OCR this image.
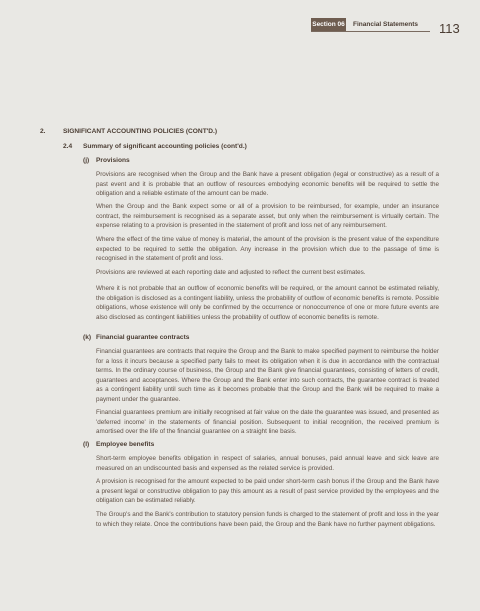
Section 06 Financial Statements 113
2.	SIGNIFICANT ACCOUNTING POLICIES (CONT'D.)
2.4 Summary of significant accounting policies (cont'd.)
(j) Provisions

Provisions are recognised when the Group and the Bank have a present obligation (legal or constructive) as a result of a past event and it is probable that an outflow of resources embodying economic benefits will be required to settle the obligation and a reliable estimate of the amount can be made.

When the Group and the Bank expect some or all of a provision to be reimbursed, for example, under an insurance contract, the reimbursement is recognised as a separate asset, but only when the reimbursement is virtually certain. The expense relating to a provision is presented in the statement of profit and loss net of any reimbursement.

Where the effect of the time value of money is material, the amount of the provision is the present value of the expenditure expected to be required to settle the obligation. Any increase in the provision which due to the passage of time is recognised in the statement of profit and loss.

Provisions are reviewed at each reporting date and adjusted to reflect the current best estimates.

Where it is not probable that an outflow of economic benefits will be required, or the amount cannot be estimated reliably, the obligation is disclosed as a contingent liability, unless the probability of outflow of economic benefits is remote. Possible obligations, whose existence will only be confirmed by the occurrence or nonoccurrence of one or more future events are also disclosed as contingent liabilities unless the probability of outflow of economic benefits is remote.

(k) Financial guarantee contracts

Financial guarantees are contracts that require the Group and the Bank to make specified payment to reimburse the holder for a loss it incurs because a specified party fails to meet its obligation when it is due in accordance with the contractual terms. In the ordinary course of business, the Group and the Bank give financial guarantees, consisting of letters of credit, guarantees and acceptances. Where the Group and the Bank enter into such contracts, the guarantee contract is treated as a contingent liability until such time as it becomes probable that the Group and the Bank will be required to make a payment under the guarantee.

Financial guarantees premium are initially recognised at fair value on the date the guarantee was issued, and presented as 'deferred income' in the statements of financial position. Subsequent to initial recognition, the received premium is amortised over the life of the financial guarantee on a straight line basis.

(l) Employee benefits

Short-term employee benefits obligation in respect of salaries, annual bonuses, paid annual leave and sick leave are measured on an undiscounted basis and expensed as the related service is provided.

A provision is recognised for the amount expected to be paid under short-term cash bonus if the Group and the Bank have a present legal or constructive obligation to pay this amount as a result of past service provided by the employees and the obligation can be estimated reliably.

The Group's and the Bank's contribution to statutory pension funds is charged to the statement of profit and loss in the year to which they relate. Once the contributions have been paid, the Group and the Bank have no further payment obligations.
